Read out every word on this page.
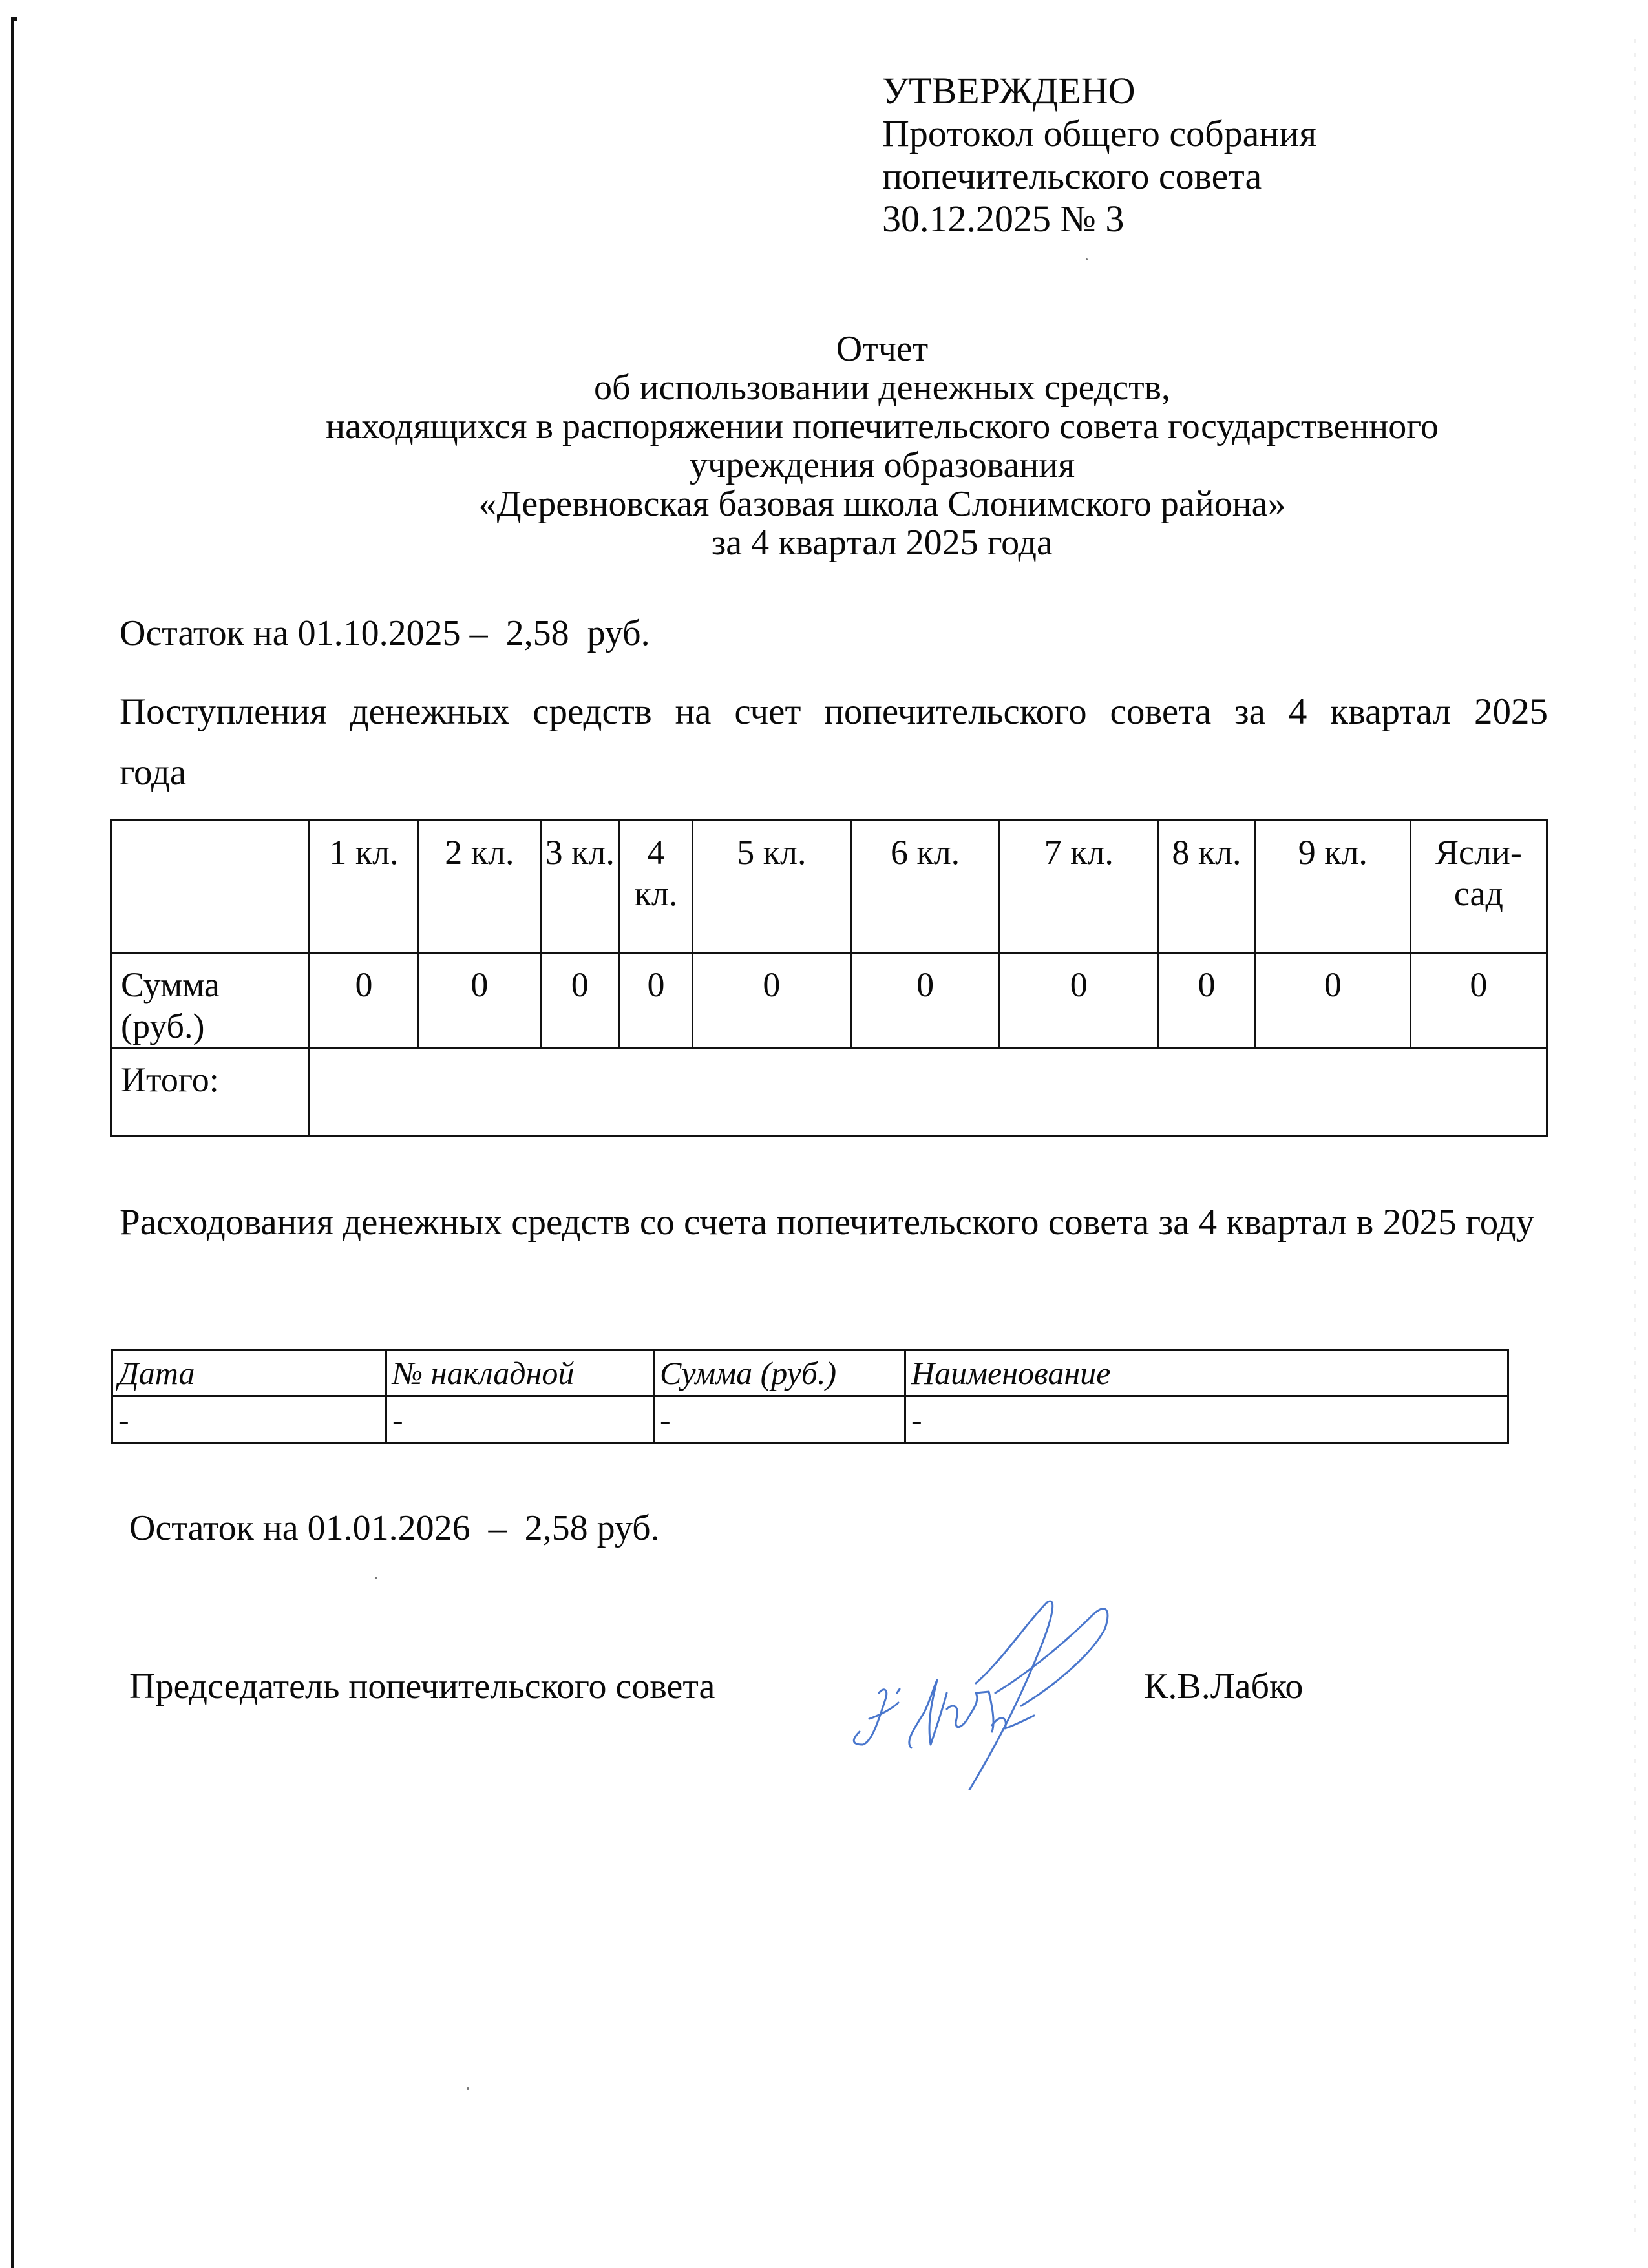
УТВЕРЖДЕНО
Протокол общего собрания
попечительского совета
30.12.2025 № 3
Отчет
об использовании денежных средств,
находящихся в распоряжении попечительского совета государственного
учреждения образования
«Деревновская базовая школа Слонимского района»
за 4 квартал 2025 года
Остаток на 01.10.2025 –  2,58  руб.
Поступления денежных средств на счет попечительского совета за 4 квартал 2025 года
	1 кл.	2 кл.	3 кл.	4 кл.	5 кл.	6 кл.	7 кл.	8 кл.	9 кл.	Ясли-сад
Сумма (руб.)	0	0	0	0	0	0	0	0	0	0
Итого:										
Расходования денежных средств со счета попечительского совета за 4 квартал в 2025 году
Дата	№ накладной	Сумма (руб.)	Наименование
-	-	-	-
Остаток на 01.01.2026  –  2,58 руб.
Председатель попечительского совета	К.В.Лабко
